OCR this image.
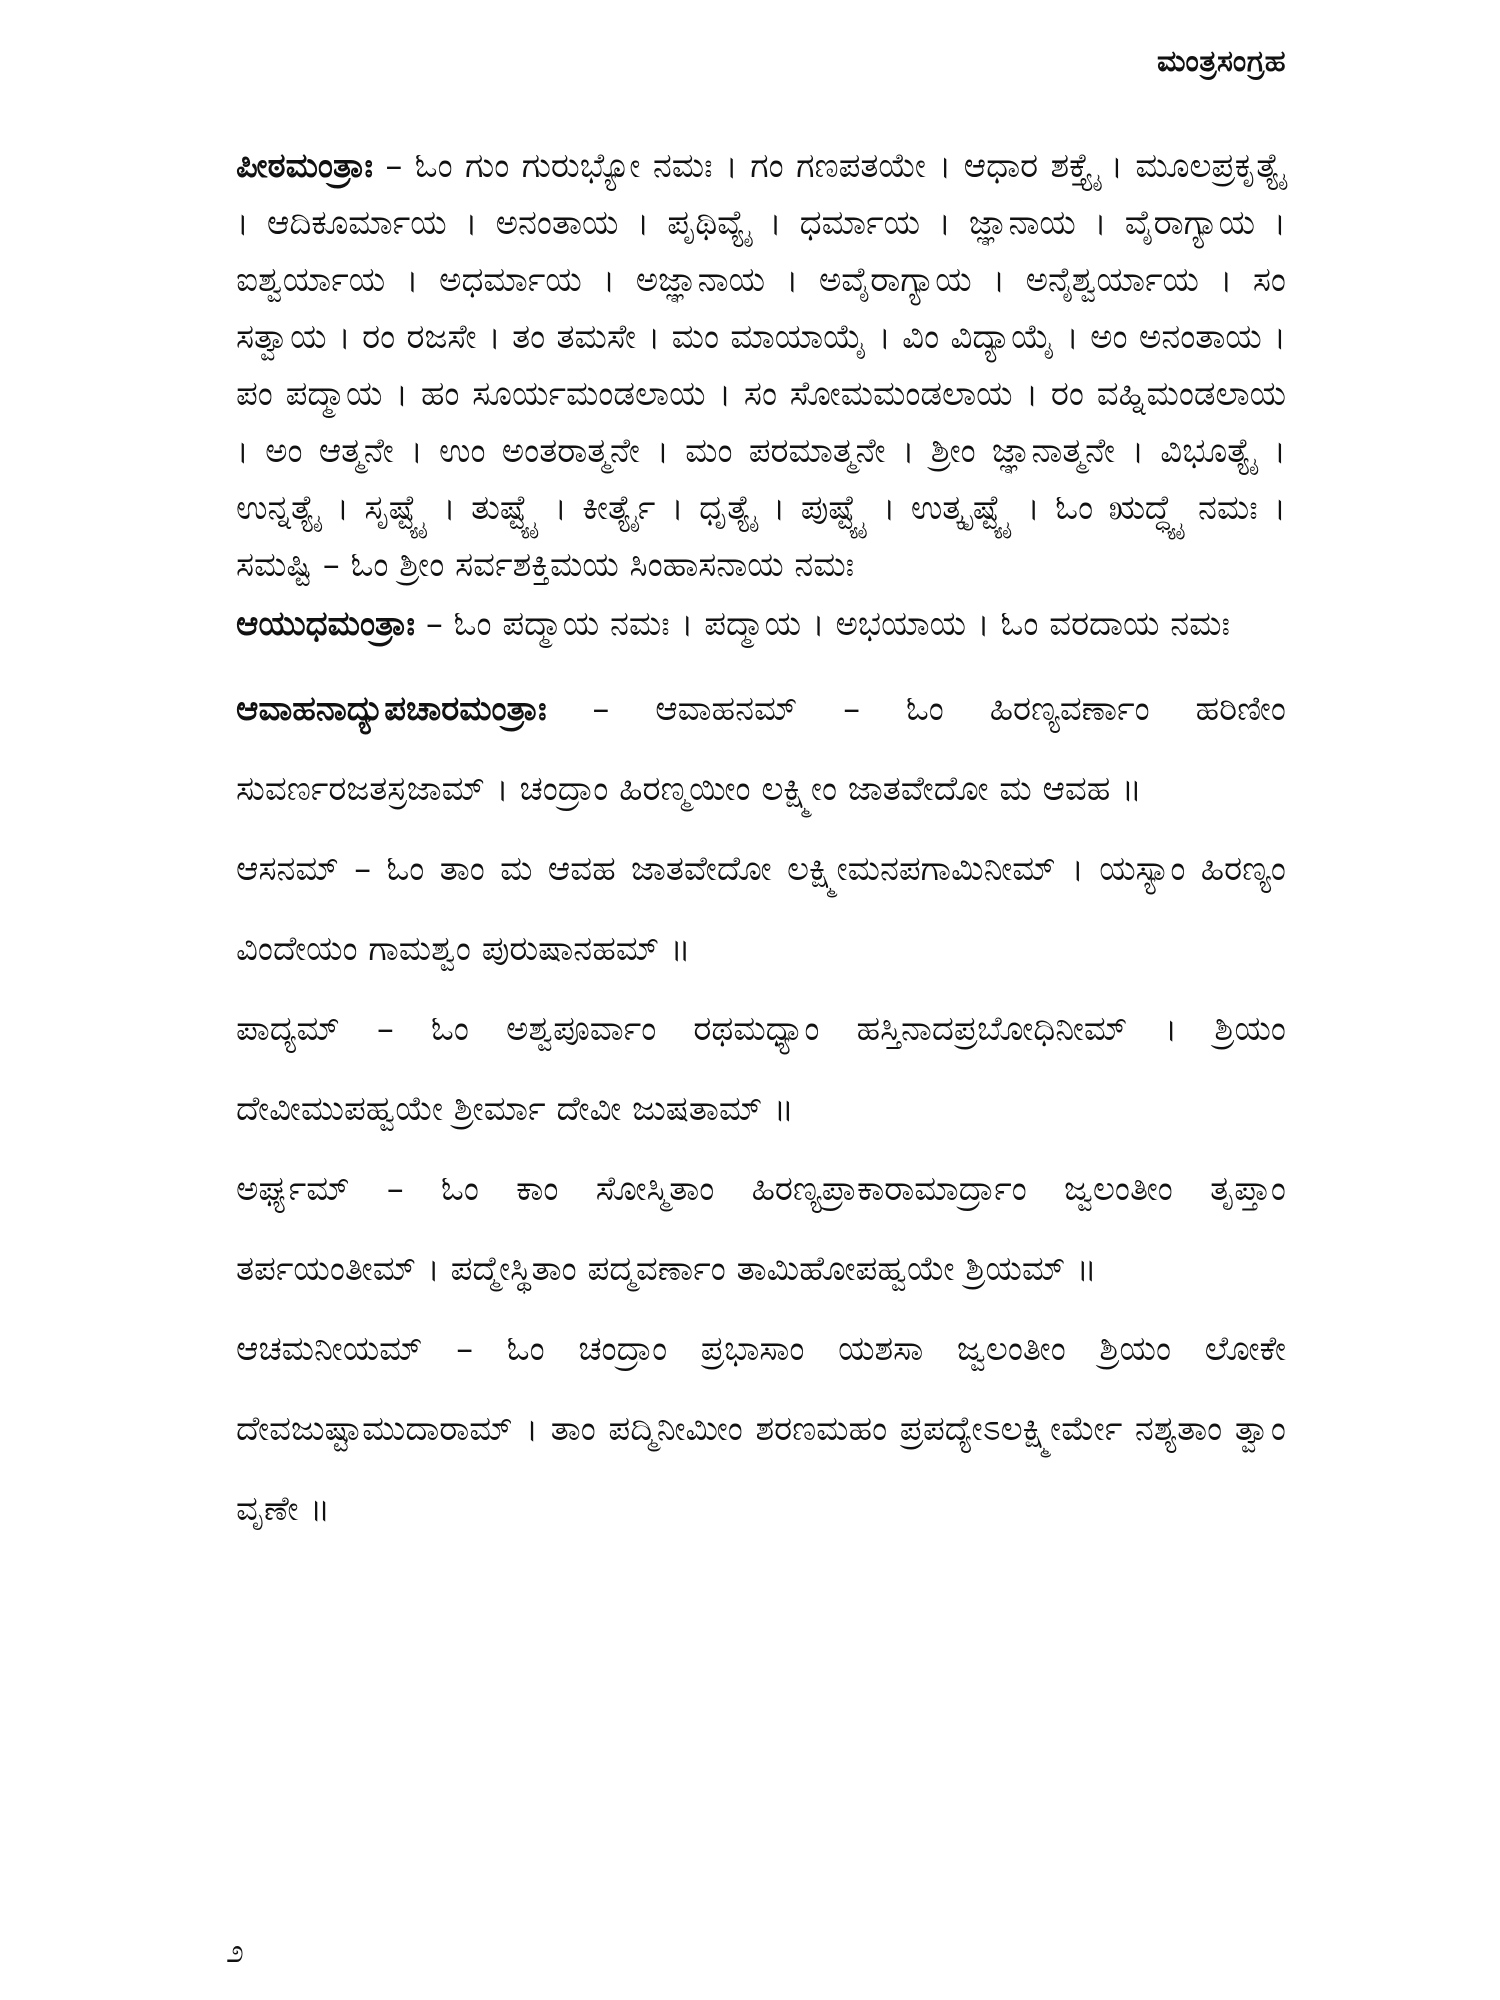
ಮಂತ್ರಸಂಗ್ರಹ

ಪೀಠಮಂತ್ರಾಃ – ಓಂ ಗುಂ ಗುರುಭ್ಯೋ ನಮಃ । ಗಂ ಗಣಪತಯೇ । ಆಧಾರ ಶಕ್ತ್ಯೈ । ಮೂಲಪ್ರಕೃತ್ಯೈ । ಆದಿಕೂರ್ಮಾಯ । ಅನಂತಾಯ । ಪೃಥಿವ್ಯೈ । ಧರ್ಮಾಯ । ಜ್ಞಾನಾಯ । ವೈರಾಗ್ಯಾಯ । ಐಶ್ವರ್ಯಾಯ । ಅಧರ್ಮಾಯ । ಅಜ್ಞಾನಾಯ । ಅವೈರಾಗ್ಯಾಯ । ಅನೈಶ್ವರ್ಯಾಯ । ಸಂ ಸತ್ವಾಯ । ರಂ ರಜಸೇ । ತಂ ತಮಸೇ । ಮಂ ಮಾಯಾಯೈ । ವಿಂ ವಿದ್ಯಾಯೈ । ಅಂ ಅನಂತಾಯ । ಪಂ ಪದ್ಮಾಯ । ಹಂ ಸೂರ್ಯಮಂಡಲಾಯ । ಸಂ ಸೋಮಮಂಡಲಾಯ । ರಂ ವಹ್ನಿಮಂಡಲಾಯ । ಅಂ ಆತ್ಮನೇ । ಉಂ ಅಂತರಾತ್ಮನೇ । ಮಂ ಪರಮಾತ್ಮನೇ । ಶ್ರೀಂ ಜ್ಞಾನಾತ್ಮನೇ । ವಿಭೂತ್ಯೈ । ಉನ್ನತ್ಯೈ । ಸೃಷ್ಟ್ಯೈ । ತುಷ್ಟ್ಯೈ । ಕೀರ್ತ್ಯೈ । ಧೃತ್ಯೈ । ಪುಷ್ಟ್ಯೈ । ಉತ್ಕೃಷ್ಟ್ಯೈ । ಓಂ ಋದ್ಧ್ಯೈ ನಮಃ । ಸಮಷ್ಟಿ – ಓಂ ಶ್ರೀಂ ಸರ್ವಶಕ್ತಿಮಯ ಸಿಂಹಾಸನಾಯ ನಮಃ

ಆಯುಧಮಂತ್ರಾಃ – ಓಂ ಪದ್ಮಾಯ ನಮಃ । ಪದ್ಮಾಯ । ಅಭಯಾಯ । ಓಂ ವರದಾಯ ನಮಃ

ಆವಾಹನಾದ್ಯುಪಚಾರಮಂತ್ರಾಃ – ಆವಾಹನಮ್ – ಓಂ ಹಿರಣ್ಯವರ್ಣಾಂ ಹರಿಣೀಂ ಸುವರ್ಣರಜತಸ್ರಜಾಮ್ । ಚಂದ್ರಾಂ ಹಿರಣ್ಮಯೀಂ ಲಕ್ಷ್ಮೀಂ ಜಾತವೇದೋ ಮ ಆವಹ ॥

ಆಸನಮ್ – ಓಂ ತಾಂ ಮ ಆವಹ ಜಾತವೇದೋ ಲಕ್ಷ್ಮೀಮನಪಗಾಮಿನೀಮ್ । ಯಸ್ಯಾಂ ಹಿರಣ್ಯಂ ವಿಂದೇಯಂ ಗಾಮಶ್ವಂ ಪುರುಷಾನಹಮ್ ॥

ಪಾದ್ಯಮ್ – ಓಂ ಅಶ್ವಪೂರ್ವಾಂ ರಥಮಧ್ಯಾಂ ಹಸ್ತಿನಾದಪ್ರಬೋಧಿನೀಮ್ । ಶ್ರಿಯಂ ದೇವೀಮುಪಹ್ವಯೇ ಶ್ರೀರ್ಮಾ ದೇವೀ ಜುಷತಾಮ್ ॥

ಅರ್ಘ್ಯಮ್ – ಓಂ ಕಾಂ ಸೋಸ್ಮಿತಾಂ ಹಿರಣ್ಯಪ್ರಾಕಾರಾಮಾರ್ದ್ರಾಂ ಜ್ವಲಂತೀಂ ತೃಪ್ತಾಂ ತರ್ಪಯಂತೀಮ್ । ಪದ್ಮೇಸ್ಥಿತಾಂ ಪದ್ಮವರ್ಣಾಂ ತಾಮಿಹೋಪಹ್ವಯೇ ಶ್ರಿಯಮ್ ॥

ಆಚಮನೀಯಮ್ – ಓಂ ಚಂದ್ರಾಂ ಪ್ರಭಾಸಾಂ ಯಶಸಾ ಜ್ವಲಂತೀಂ ಶ್ರಿಯಂ ಲೋಕೇ ದೇವಜುಷ್ಟಾಮುದಾರಾಮ್ । ತಾಂ ಪದ್ಮಿನೀಮೀಂ ಶರಣಮಹಂ ಪ್ರಪದ್ಯೇಽಲಕ್ಷ್ಮೀರ್ಮೇ ನಶ್ಯತಾಂ ತ್ವಾಂ ವೃಣೇ ॥

೨
